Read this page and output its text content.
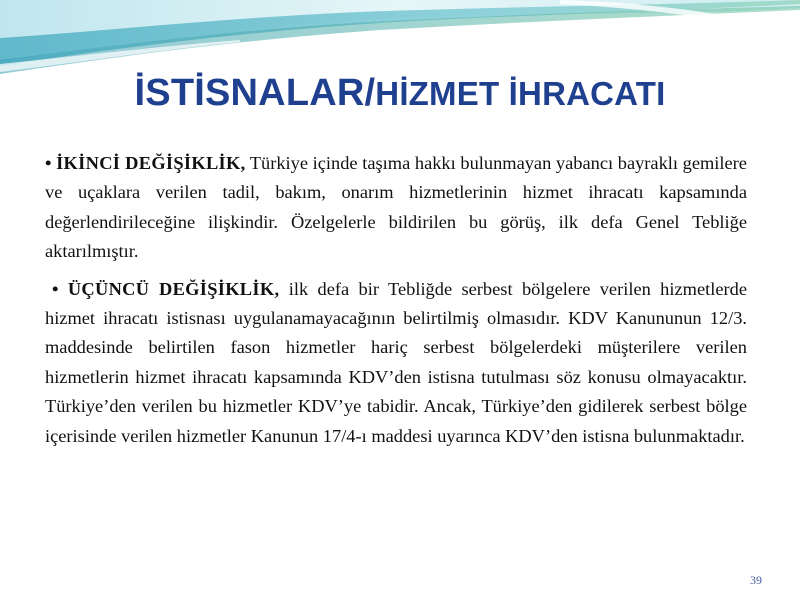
İSTİSNALAR/HİZMET İHRACATI

• İKİNCİ DEĞİŞİKLİK, Türkiye içinde taşıma hakkı bulunmayan yabancı bayraklı gemilere ve uçaklara verilen tadil, bakım, onarım hizmetlerinin hizmet ihracatı kapsamında değerlendirileceğine ilişkindir. Özelgelerle bildirilen bu görüş, ilk defa Genel Tebliğe aktarılmıştır.

• ÜÇÜNCÜ DEĞİŞİKLİK, ilk defa bir Tebliğde serbest bölgelere verilen hizmetlerde hizmet ihracatı istisnası uygulanamayacağının belirtilmiş olmasıdır. KDV Kanununun 12/3. maddesinde belirtilen fason hizmetler hariç serbest bölgelerdeki müşterilere verilen hizmetlerin hizmet ihracatı kapsamında KDV’den istisna tutulması söz konusu olmayacaktır. Türkiye’den verilen bu hizmetler KDV’ye tabidir. Ancak, Türkiye’den gidilerek serbest bölge içerisinde verilen hizmetler Kanunun 17/4-ı maddesi uyarınca KDV’den istisna bulunmaktadır.

39
